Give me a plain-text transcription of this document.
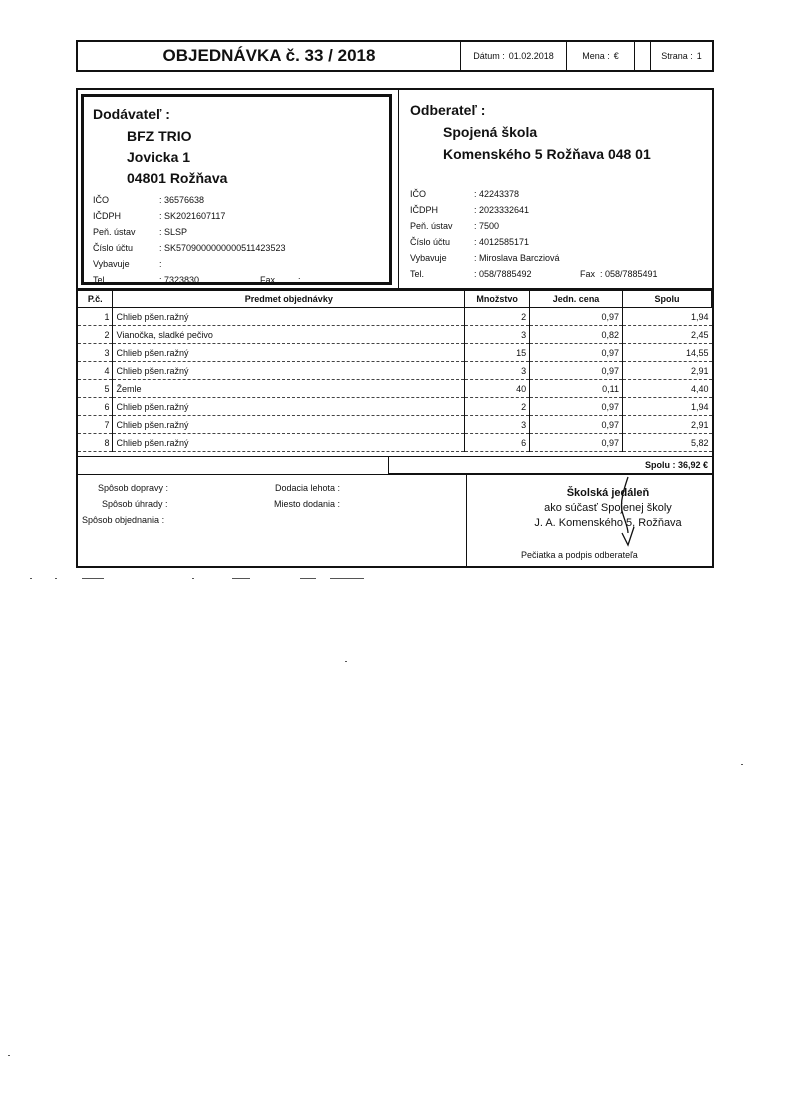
OBJEDNÁVKA č. 33 / 2018	Dátum : 01.02.2018	Mena : €	Strana : 1
Dodávateľ :
BFZ TRIO
Jovicka 1
04801 Rožňava
IČO	: 36576638
IČDPH	: SK2021607117
Peň. ústav	: SLSP
Číslo účtu	: SK5709000000000511423523
Vybavuje	:
Tel.	: 7323830	Fax	:
Odberateľ :
Spojená škola
Komenského 5 Rožňava 048 01
IČO	: 42243378
IČDPH	: 2023332641
Peň. ústav : 7500
Číslo účtu	: 4012585171
Vybavuje	: Miroslava Barcziová
Tel.	: 058/7885492	Fax : 058/7885491
P.č.	Predmet objednávky	Množstvo	Jedn. cena	Spolu
1	Chlieb pšen.ražný	2	0,97	1,94
2	Vianočka, sladké pečivo	3	0,82	2,45
3	Chlieb pšen.ražný	15	0,97	14,55
4	Chlieb pšen.ražný	3	0,97	2,91
5	Žemle	40	0,11	4,40
6	Chlieb pšen.ražný	2	0,97	1,94
7	Chlieb pšen.ražný	3	0,97	2,91
8	Chlieb pšen.ražný	6	0,97	5,82
Spolu : 36,92 €
Spôsob dopravy :
Spôsob úhrady :
Spôsob objednania :
Dodacia lehota :
Miesto dodania :
Školská jedáleň
ako súčasť Spojenej školy
J. A. Komenského 5, Rožňava
Pečiatka a podpis odberateľa
